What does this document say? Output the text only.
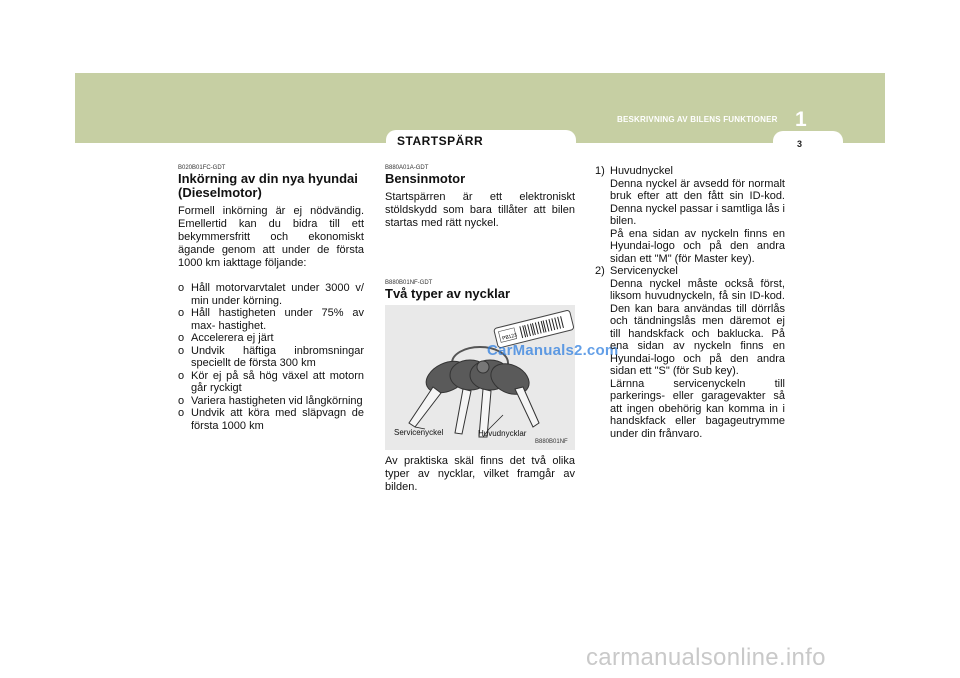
BESKRIVNING AV BILENS FUNKTIONER 1
3
STARTSPÄRR
B020B01FC-GDT
Inkörning av din nya hyundai (Dieselmotor)
Formell inkörning är ej nödvändig. Emellertid kan du bidra till ett bekymmersfritt och ekonomiskt ägande genom att under de första 1000 km iakttage följande:
o Håll motorvarvtalet under 3000 v/ min under körning.
o Håll hastigheten under 75% av max- hastighet.
o Accelerera ej järt
o Undvik häftiga inbromsningar speciellt de första 300 km
o Kör ej på så hög växel att motorn går ryckigt
o Variera hastigheten vid långkörning
o Undvik att köra med släpvagn de första 1000 km
B880A01A-GDT
Bensinmotor
Startspärren är ett elektroniskt stöldskydd som bara tillåter att bilen startas med rätt nyckel.
B880B01NF-GDT
Två typer av nycklar
PB123
Servicenyckel	Huvudnycklar
B880B01NF
Av praktiska skäl finns det två olika typer av nycklar, vilket framgår av bilden.
CarManuals2.com
1) Huvudnyckel
Denna nyckel är avsedd för normalt bruk efter att den fått sin ID-kod. Denna nyckel passar i samtliga lås i bilen.
På ena sidan av nyckeln finns en Hyundai-logo och på den andra sidan ett "M" (för Master key).
2) Servicenyckel
Denna nyckel måste också först, liksom huvudnyckeln, få sin ID-kod. Den kan bara användas till dörrlås och tändningslås men däremot ej till handskfack och baklucka. På ena sidan av nyckeln finns en Hyundai-logo och på den andra sidan ett "S" (för Sub key).
Lärnna servicenyckeln till parkerings- eller garagevakter så att ingen obehörig kan komma in i handskfack eller bagageutrymme under din frånvaro.
carmanualsonline.info
